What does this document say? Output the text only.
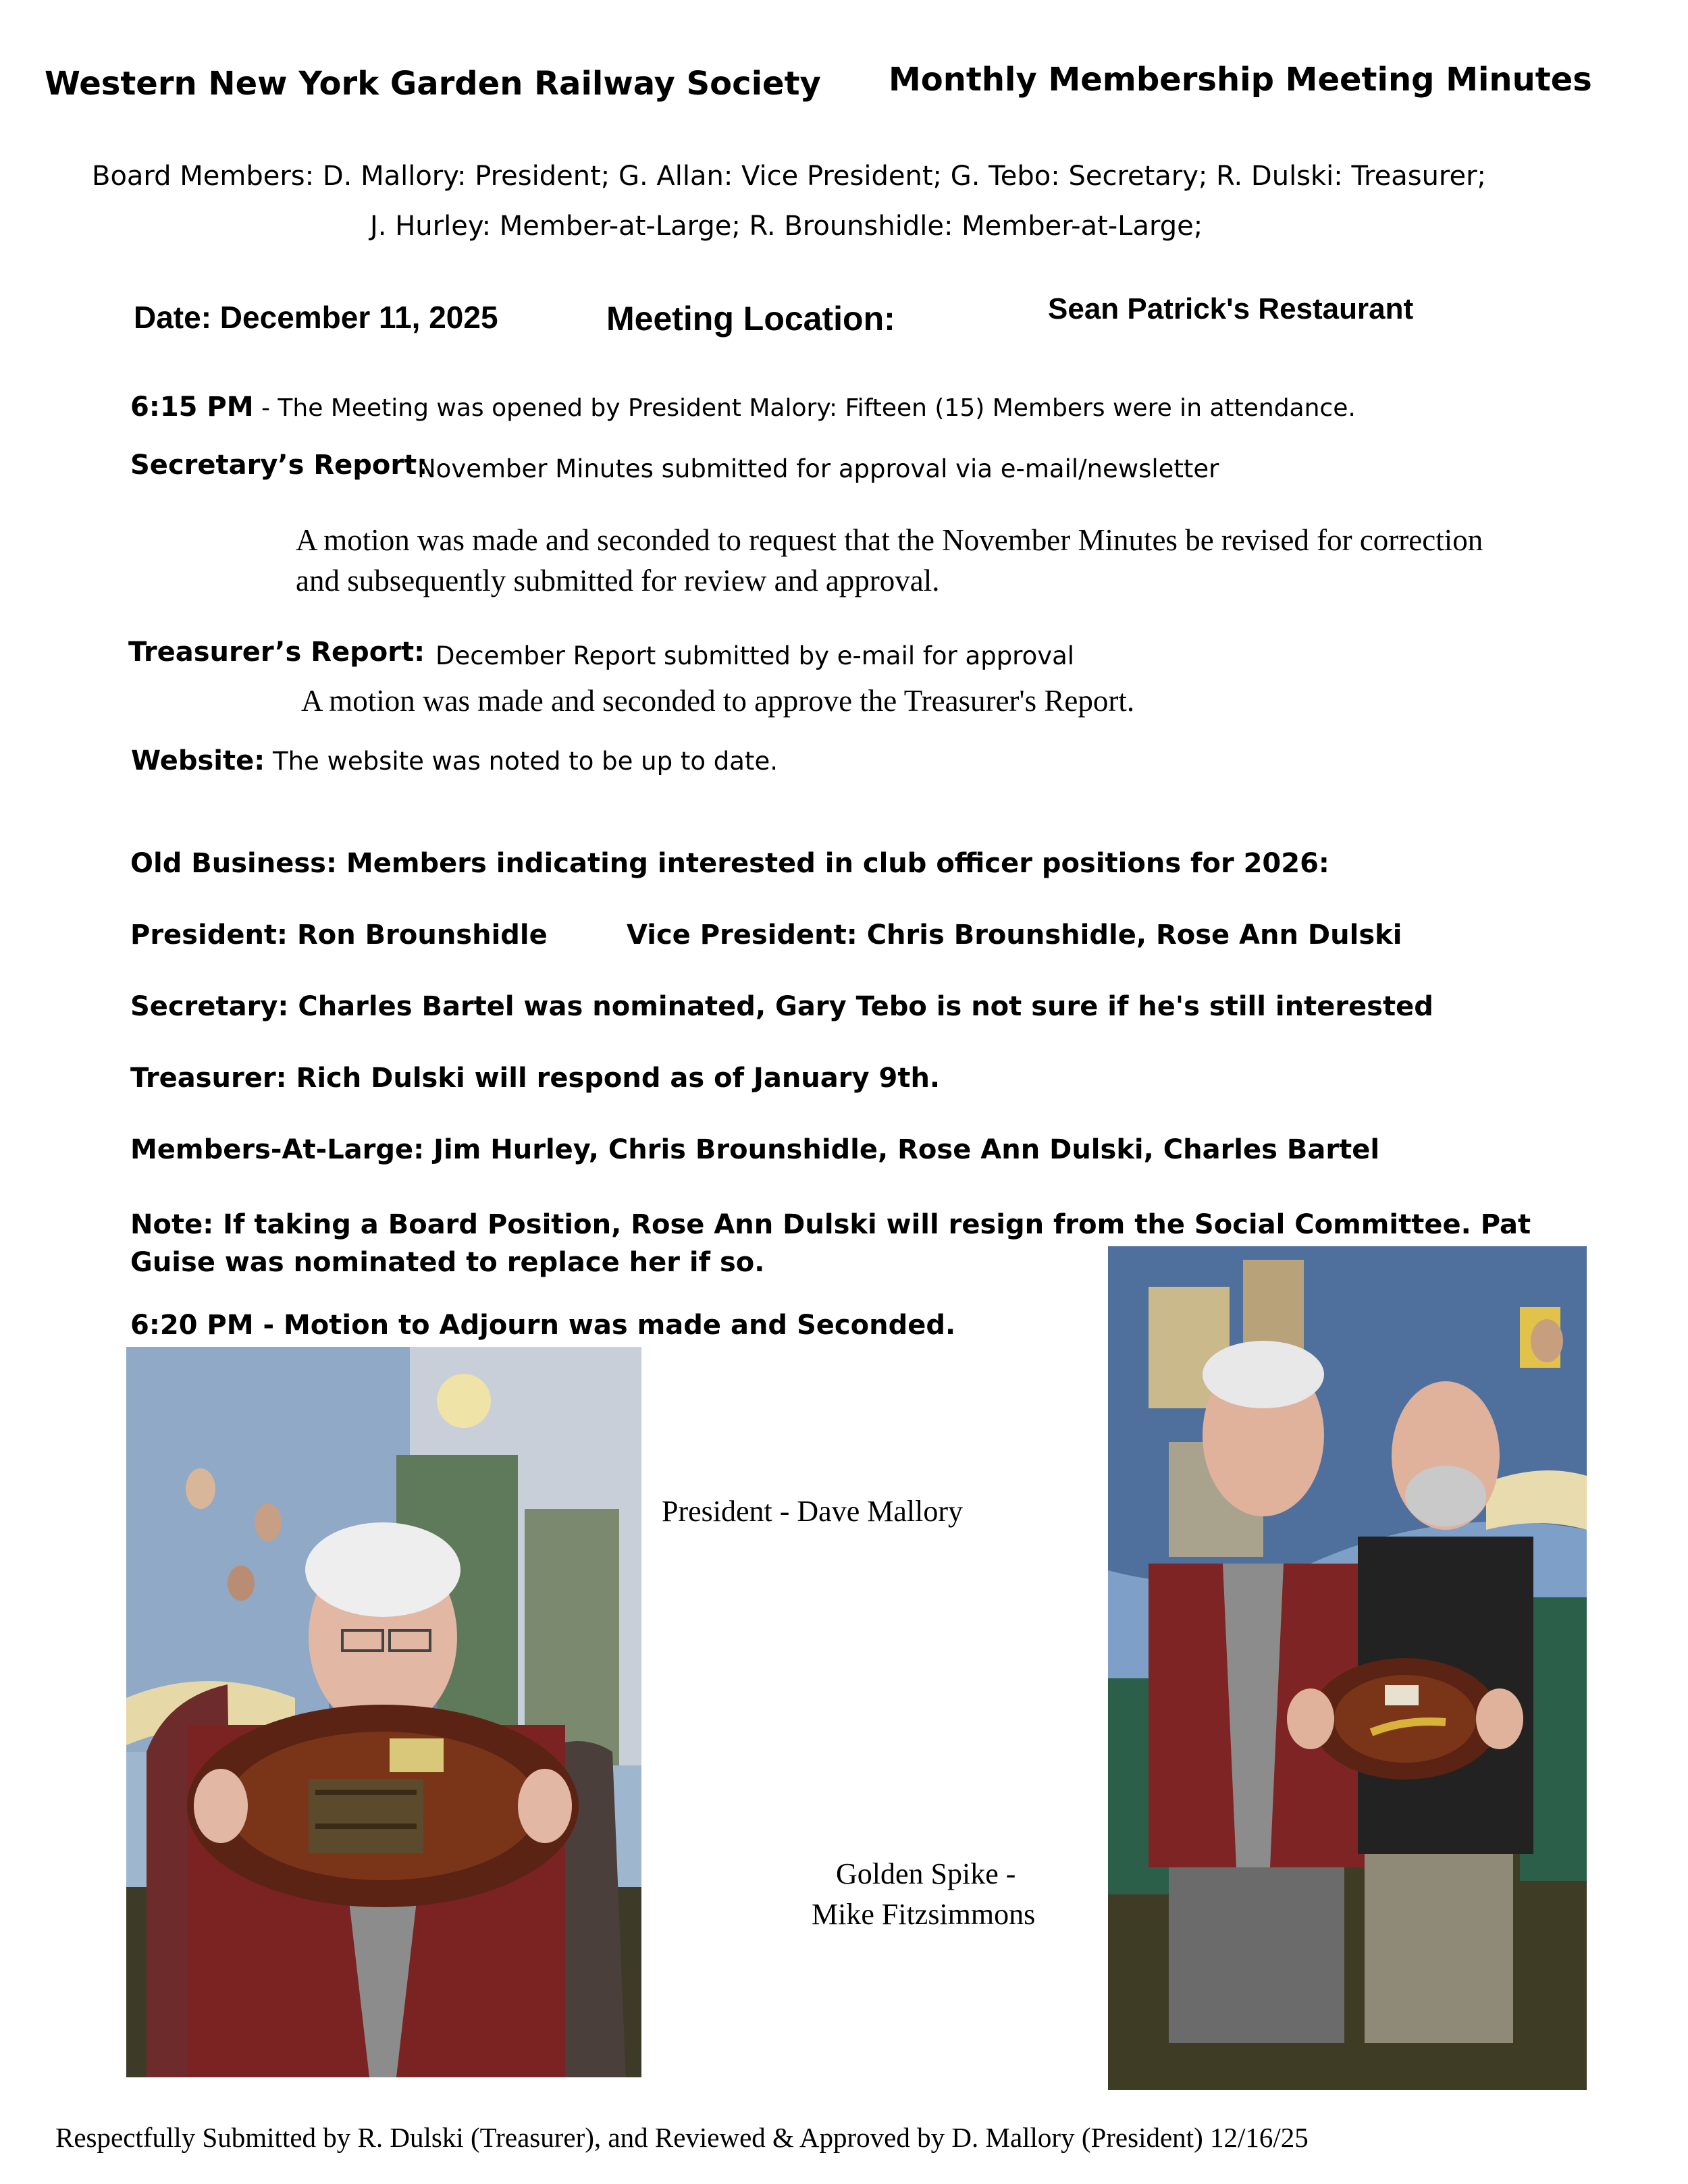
Western New York Garden Railway Society Monthly Membership Meeting Minutes
Board Members: D. Mallory: President; G. Allan: Vice President; G. Tebo: Secretary; R. Dulski: Treasurer;
J. Hurley: Member-at-Large; R. Brounshidle: Member-at-Large;
Date: December 11, 2025	Meeting Location:	Sean Patrick's Restaurant
6:15 PM - The Meeting was opened by President Malory: Fifteen (15) Members were in attendance.
Secretary’s Report:
November Minutes submitted for approval via e-mail/newsletter
A motion was made and seconded to request that the November Minutes be revised for correction and subsequently submitted for review and approval.
Treasurer’s Report: December Report submitted by e-mail for approval
A motion was made and seconded to approve the Treasurer's Report.
Website: The website was noted to be up to date.
Old Business: Members indicating interested in club officer positions for 2026:
President: Ron Brounshidle	Vice President: Chris Brounshidle, Rose Ann Dulski
Secretary: Charles Bartel was nominated, Gary Tebo is not sure if he's still interested
Treasurer: Rich Dulski will respond as of January 9th.
Members-At-Large: Jim Hurley, Chris Brounshidle, Rose Ann Dulski, Charles Bartel
Note: If taking a Board Position, Rose Ann Dulski will resign from the Social Committee. Pat Guise was nominated to replace her if so.
6:20 PM - Motion to Adjourn was made and Seconded.
President - Dave Mallory
Golden Spike -
Mike Fitzsimmons
Respectfully Submitted by R. Dulski (Treasurer), and Reviewed & Approved by D. Mallory (President) 12/16/25
